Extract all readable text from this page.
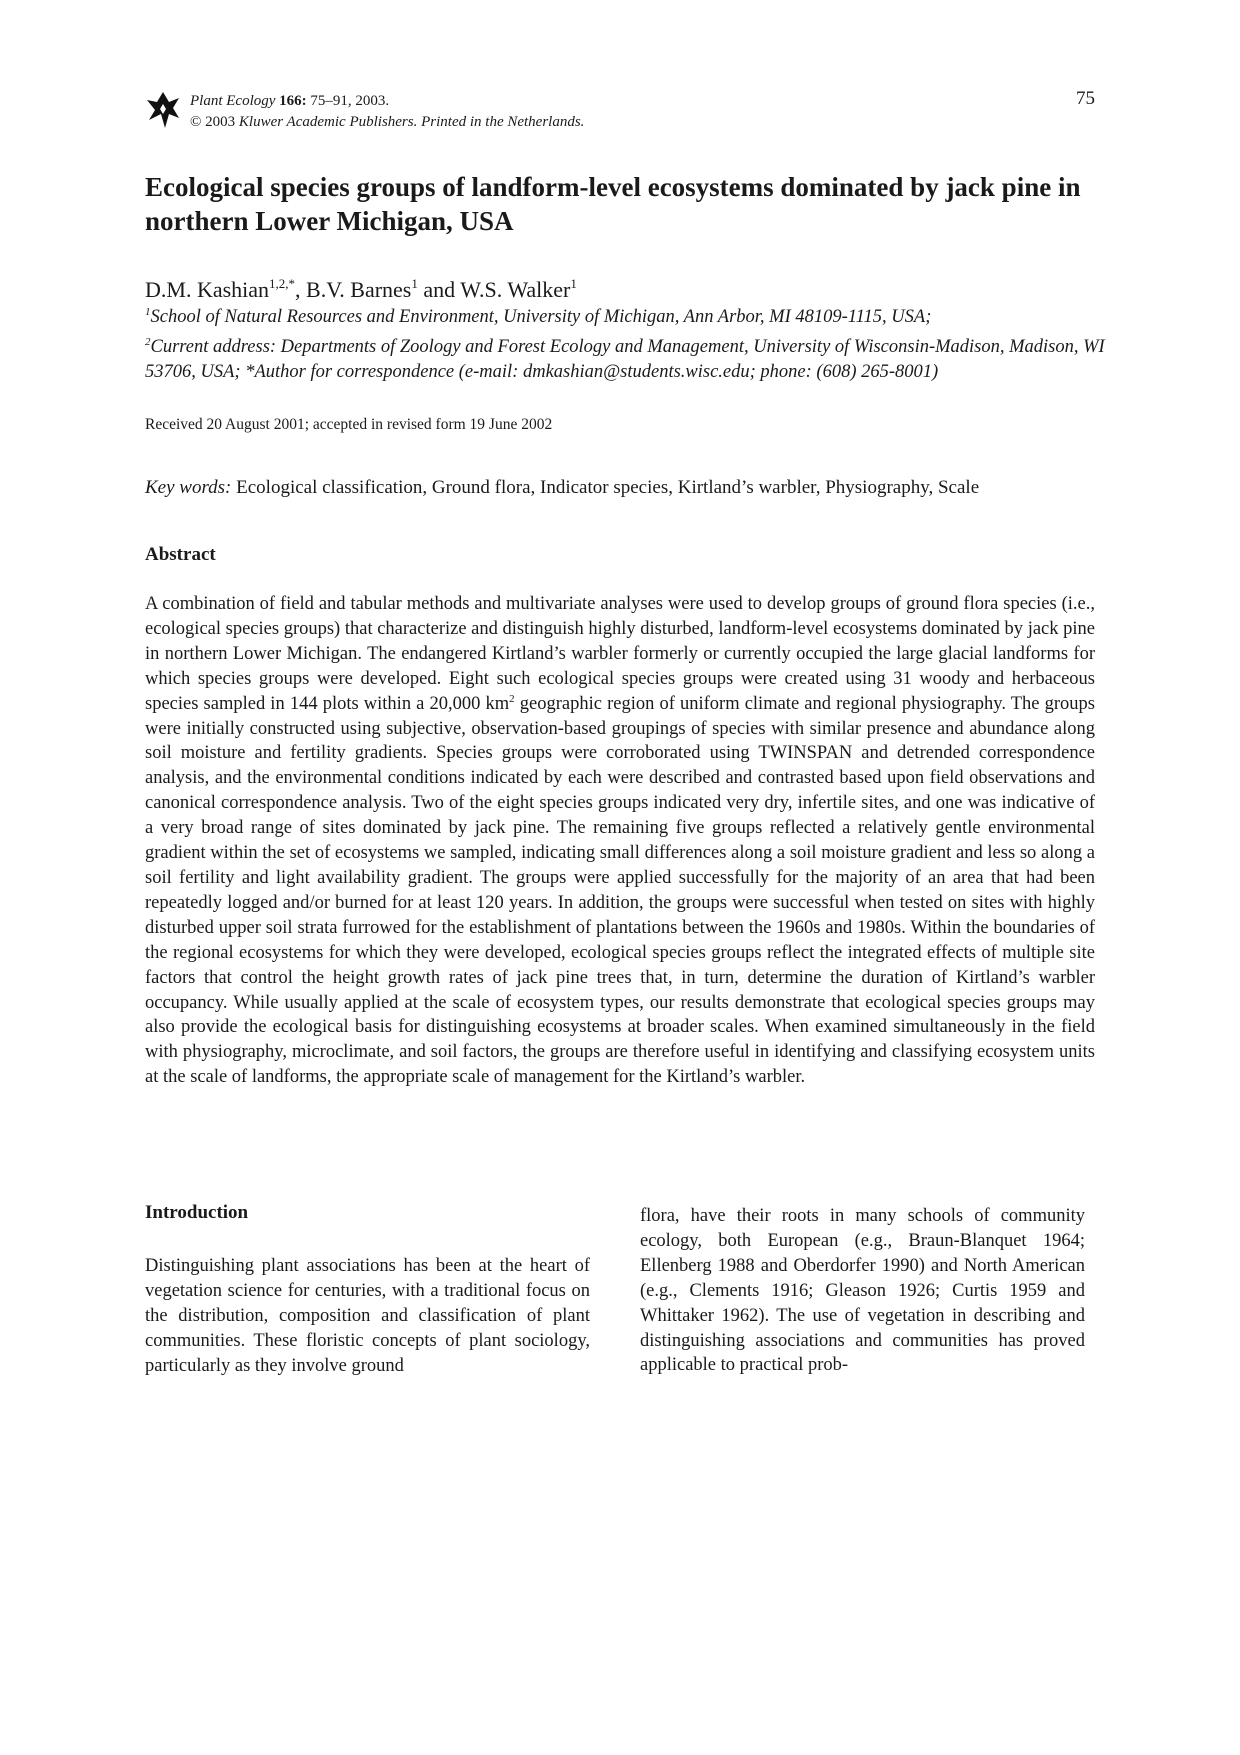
Plant Ecology 166: 75–91, 2003.
© 2003 Kluwer Academic Publishers. Printed in the Netherlands.
75
Ecological species groups of landform-level ecosystems dominated by jack pine in northern Lower Michigan, USA
D.M. Kashian$^{1,2,*}$, B.V. Barnes$^1$ and W.S. Walker$^1$
$^1$School of Natural Resources and Environment, University of Michigan, Ann Arbor, MI 48109-1115, USA;
$^2$Current address: Departments of Zoology and Forest Ecology and Management, University of Wisconsin-Madison, Madison, WI 53706, USA; *Author for correspondence (e-mail: dmkashian@students.wisc.edu; phone: (608) 265-8001)
Received 20 August 2001; accepted in revised form 19 June 2002
Key words: Ecological classification, Ground flora, Indicator species, Kirtland’s warbler, Physiography, Scale
Abstract

A combination of field and tabular methods and multivariate analyses were used to develop groups of ground flora species (i.e., ecological species groups) that characterize and distinguish highly disturbed, landform-level ecosystems dominated by jack pine in northern Lower Michigan. The endangered Kirtland’s warbler formerly or currently occupied the large glacial landforms for which species groups were developed. Eight such ecological species groups were created using 31 woody and herbaceous species sampled in 144 plots within a 20,000 $km^2$ geographic region of uniform climate and regional physiography. The groups were initially constructed using subjective, observation-based groupings of species with similar presence and abundance along soil moisture and fertility gradients. Species groups were corroborated using TWINSPAN and detrended correspondence analysis, and the environmental conditions indicated by each were described and contrasted based upon field observations and canonical correspondence analysis. Two of the eight species groups indicated very dry, infertile sites, and one was indicative of a very broad range of sites dominated by jack pine. The remaining five groups reflected a relatively gentle environmental gradient within the set of ecosystems we sampled, indicating small differences along a soil moisture gradient and less so along a soil fertility and light availability gradient. The groups were applied successfully for the majority of an area that had been repeatedly logged and/or burned for at least 120 years. In addition, the groups were successful when tested on sites with highly disturbed upper soil strata furrowed for the establishment of plantations between the 1960s and 1980s. Within the boundaries of the regional ecosystems for which they were developed, ecological species groups reflect the integrated effects of multiple site factors that control the height growth rates of jack pine trees that, in turn, determine the duration of Kirtland’s warbler occupancy. While usually applied at the scale of ecosystem types, our results demonstrate that ecological species groups may also provide the ecological basis for distinguishing ecosystems at broader scales. When examined simultaneously in the field with physiography, microclimate, and soil factors, the groups are therefore useful in identifying and classifying ecosystem units at the scale of landforms, the appropriate scale of management for the Kirtland’s warbler.

Introduction

Distinguishing plant associations has been at the heart of vegetation science for centuries, with a traditional focus on the distribution, composition and classification of plant communities. These floristic concepts of plant sociology, particularly as they involve ground

flora, have their roots in many schools of community ecology, both European (e.g., Braun-Blanquet 1964; Ellenberg 1988 and Oberdorfer 1990) and North American (e.g., Clements 1916; Gleason 1926; Curtis 1959 and Whittaker 1962). The use of vegetation in describing and distinguishing associations and communities has proved applicable to practical prob-
